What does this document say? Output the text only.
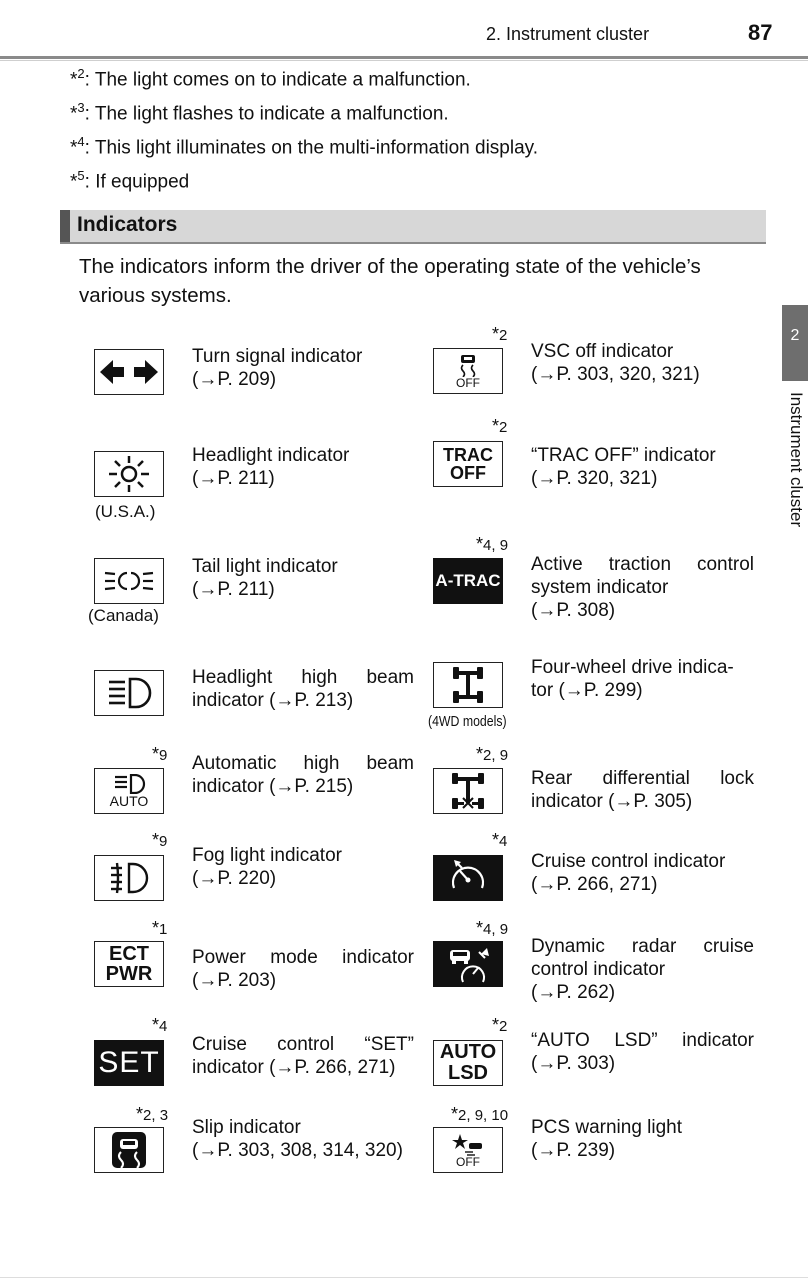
2. Instrument cluster	87
2
Instrument cluster
*$^2$: The light comes on to indicate a malfunction.
*$^3$: The light flashes to indicate a malfunction.
*$^4$: This light illuminates on the multi-information display.
*$^5$: If equipped
Indicators
The indicators inform the driver of the operating state of the vehicle’s various systems.
Turn signal indicator
(→P. 209)
(U.S.A.)
Headlight indicator
(→P. 211)
(Canada)
Tail light indicator
(→P. 211)
Headlight high beam
indicator (→P. 213)
*9
AUTO
Automatic high beam
indicator (→P. 215)
*9
Fog light indicator
(→P. 220)
*1
ECT
PWR
Power mode indicator
(→P. 203)
*4
SET
Cruise control “SET”
indicator (→P. 266, 271)
*2, 3
Slip indicator
(→P. 303, 308, 314, 320)
*2
OFF
VSC off indicator
(→P. 303, 320, 321)
*2
TRAC
OFF
“TRAC OFF” indicator
(→P. 320, 321)
*4, 9
A-TRAC
Active traction control
system indicator
(→P. 308)
(4WD models)
Four-wheel drive indica-
tor (→P. 299)
*2, 9
Rear differential lock
indicator (→P. 305)
*4
Cruise control indicator
(→P. 266, 271)
*4, 9
Dynamic radar cruise
control indicator
(→P. 262)
*2
AUTO
LSD
“AUTO LSD” indicator
(→P. 303)
*2, 9, 10
OFF
PCS warning light
(→P. 239)
